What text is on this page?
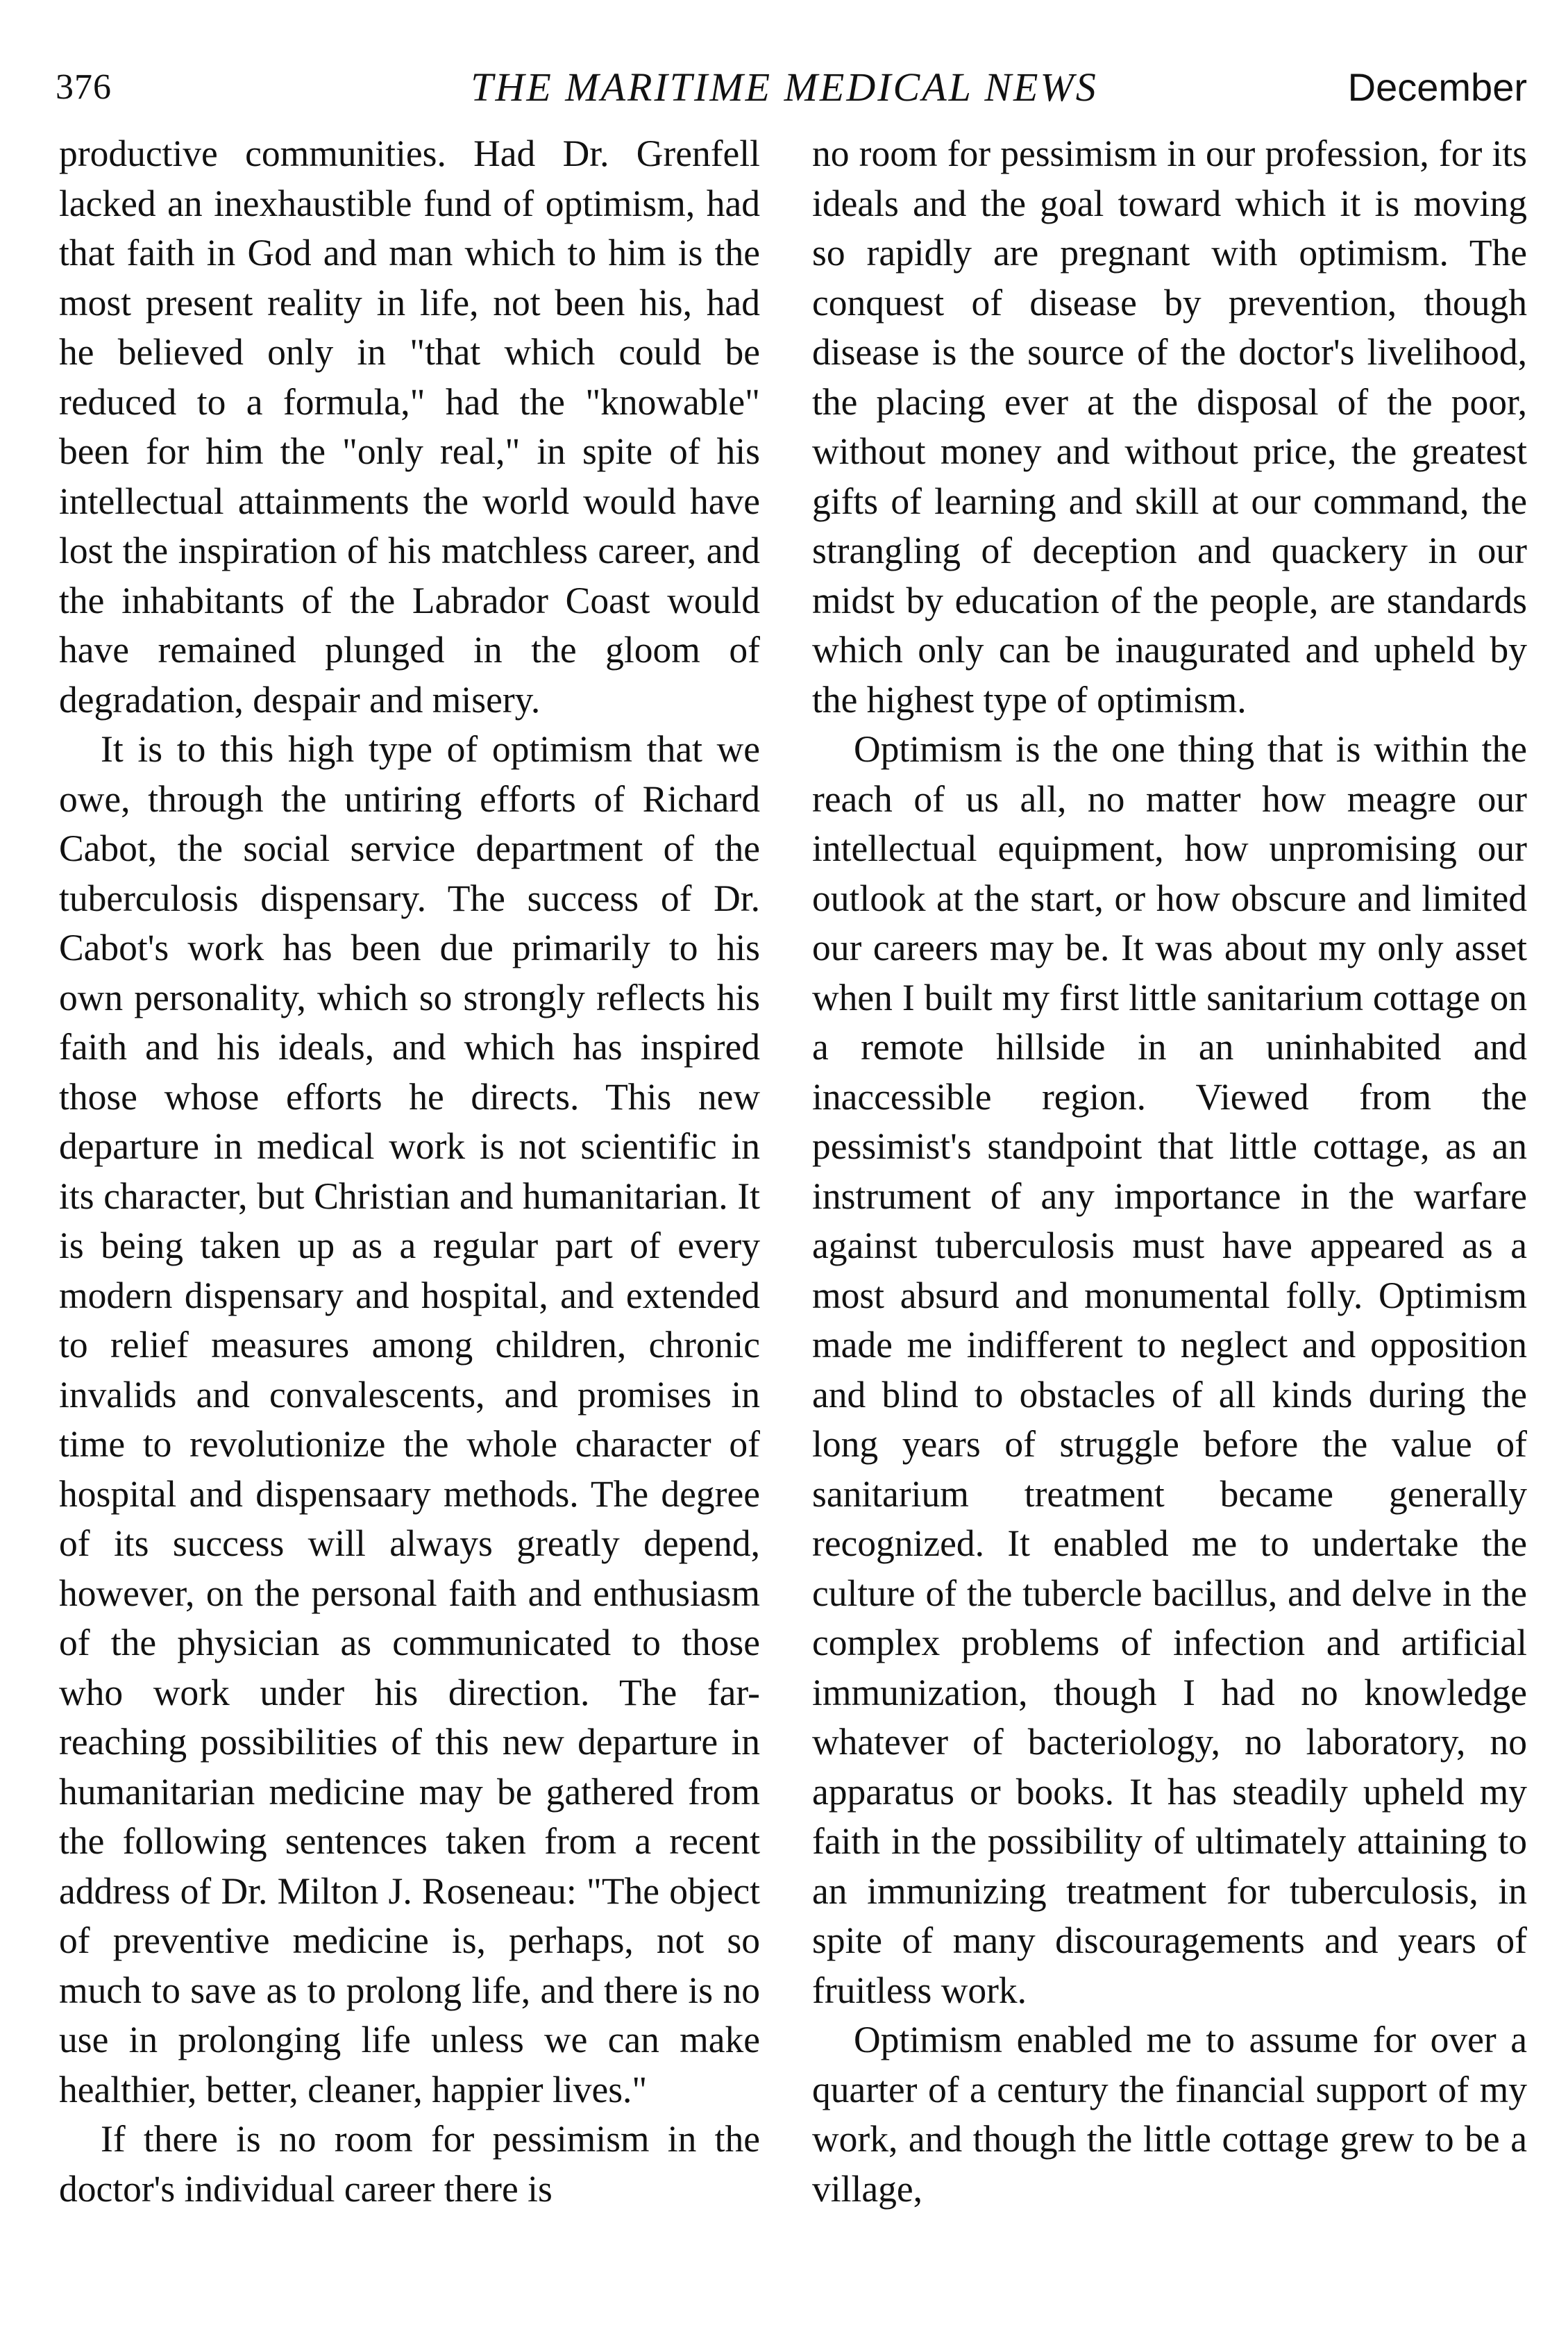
376	THE MARITIME MEDICAL NEWS	December

productive communities. Had Dr. Grenfell lacked an inexhaustible fund of optimism, had that faith in God and man which to him is the most present reality in life, not been his, had he believed only in "that which could be reduced to a formula," had the "knowable" been for him the "only real," in spite of his intellectual attainments the world would have lost the inspiration of his matchless career, and the inhabitants of the Labrador Coast would have remained plunged in the gloom of degradation, despair and misery.

It is to this high type of optimism that we owe, through the untiring efforts of Richard Cabot, the social service department of the tuberculosis dispensary. The success of Dr. Cabot's work has been due primarily to his own personality, which so strongly reflects his faith and his ideals, and which has inspired those whose efforts he directs. This new departure in medical work is not scientific in its character, but Christian and humanitarian. It is being taken up as a regular part of every modern dispensary and hospital, and extended to relief measures among children, chronic invalids and convalescents, and promises in time to revolutionize the whole character of hospital and dispensaary methods. The degree of its success will always greatly depend, however, on the personal faith and enthusiasm of the physician as communicated to those who work under his direction. The far-reaching possibilities of this new departure in humanitarian medicine may be gathered from the following sentences taken from a recent address of Dr. Milton J. Roseneau: "The object of preventive medicine is, perhaps, not so much to save as to prolong life, and there is no use in prolonging life unless we can make healthier, better, cleaner, happier lives."

If there is no room for pessimism in the doctor's individual career there is

no room for pessimism in our profession, for its ideals and the goal toward which it is moving so rapidly are pregnant with optimism. The conquest of disease by prevention, though disease is the source of the doctor's livelihood, the placing ever at the disposal of the poor, without money and without price, the greatest gifts of learning and skill at our command, the strangling of deception and quackery in our midst by education of the people, are standards which only can be inaugurated and upheld by the highest type of optimism.

Optimism is the one thing that is within the reach of us all, no matter how meagre our intellectual equipment, how unpromising our outlook at the start, or how obscure and limited our careers may be. It was about my only asset when I built my first little sanitarium cottage on a remote hillside in an uninhabited and inaccessible region. Viewed from the pessimist's standpoint that little cottage, as an instrument of any importance in the warfare against tuberculosis must have appeared as a most absurd and monumental folly. Optimism made me indifferent to neglect and opposition and blind to obstacles of all kinds during the long years of struggle before the value of sanitarium treatment became generally recognized. It enabled me to undertake the culture of the tubercle bacillus, and delve in the complex problems of infection and artificial immunization, though I had no knowledge whatever of bacteriology, no laboratory, no apparatus or books. It has steadily upheld my faith in the possibility of ultimately attaining to an immunizing treatment for tuberculosis, in spite of many discouragements and years of fruitless work.

Optimism enabled me to assume for over a quarter of a century the financial support of my work, and though the little cottage grew to be a village,
